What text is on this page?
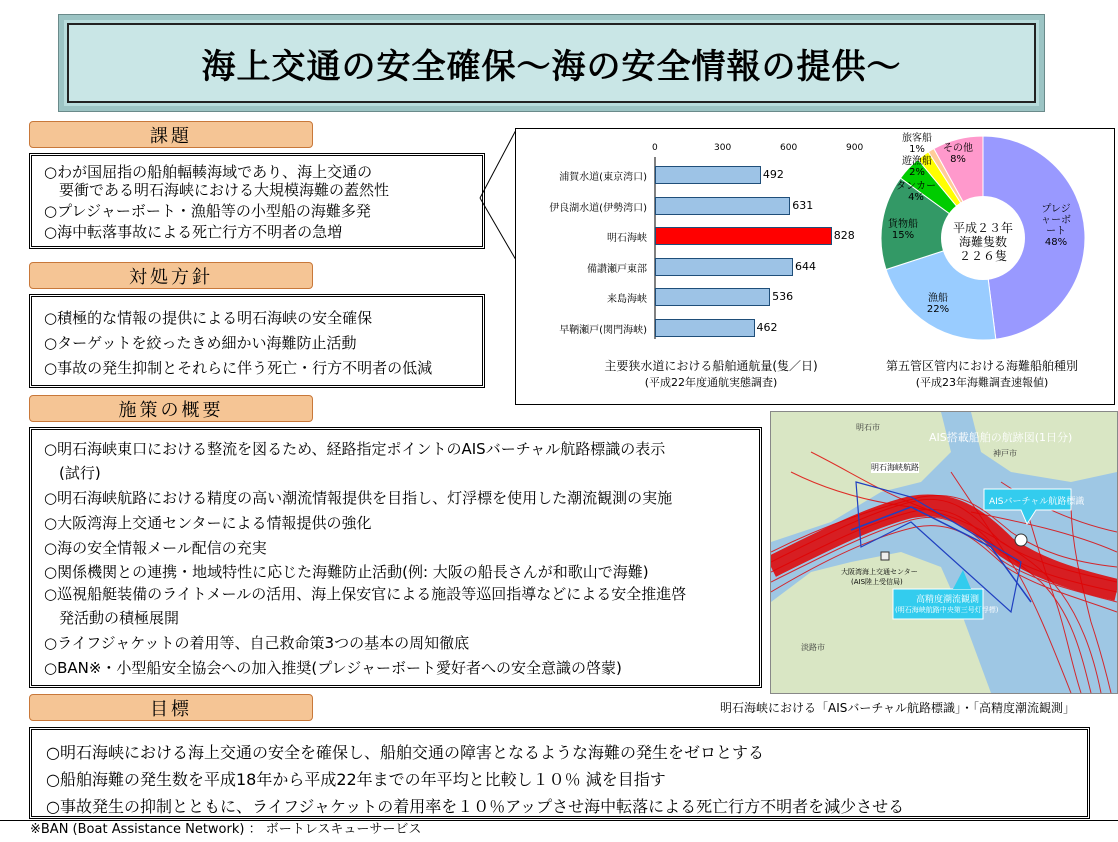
海上交通の安全確保～海の安全情報の提供～
課題
○わが国屈指の船舶輻輳海域であり、海上交通の
　要衝である明石海峡における大規模海難の蓋然性
○プレジャーボート・漁船等の小型船の海難多発
○海中転落事故による死亡行方不明者の急増
対処方針
○積極的な情報の提供による明石海峡の安全確保
○ターゲットを絞ったきめ細かい海難防止活動
○事故の発生抑制とそれらに伴う死亡・行方不明者の低減
0	300	600	900
浦賀水道(東京湾口)	492
伊良湖水道(伊勢湾口)	631
明石海峡	828
備讃瀬戸東部	644
来島海峡	536
早鞆瀬戸(関門海峡)	462
主要狭水道における船舶通航量(隻／日)
(平成22年度通航実態調査)
平成２３年
海難隻数
２２６隻
プレジャーボート
48%
漁船
22%
貨物船
15%
タンカー
4%
遊漁船
2%
旅客船
1%	その他
8%
第五管区管内における海難船舶種別
(平成23年海難調査速報値)
施策の概要
○明石海峡東口における整流を図るため、経路指定ポイントのAISバーチャル航路標識の表示
　(試行)
○明石海峡航路における精度の高い潮流情報提供を目指し、灯浮標を使用した潮流観測の実施
○大阪湾海上交通センターによる情報提供の強化
○海の安全情報メール配信の充実
○関係機関との連携・地域特性に応じた海難防止活動(例: 大阪の船長さんが和歌山で海難)
○巡視船艇装備のライトメールの活用、海上保安官による施設等巡回指導などによる安全推進啓
　発活動の積極展開
○ライフジャケットの着用等、自己救命策3つの基本の周知徹底
○BAN※・小型船安全協会への加入推奨(プレジャーボート愛好者への安全意識の啓蒙)
AIS搭載船舶の航跡図(1日分)
明石市
神戸市
明石海峡航路
AISバーチャル航路標識
高精度潮流観測
(明石海峡航路中央第三号灯浮標)
大阪湾海上交通センター
(AIS陸上受信局)
淡路市
明石海峡における「AISバーチャル航路標識」・「高精度潮流観測」
目標
○明石海峡における海上交通の安全を確保し、船舶交通の障害となるような海難の発生をゼロとする
○船舶海難の発生数を平成18年から平成22年までの年平均と比較し１０％ 減を目指す
○事故発生の抑制とともに、ライフジャケットの着用率を１０％アップさせ海中転落による死亡行方不明者を減少させる
※BAN (Boat Assistance Network) ： ボートレスキューサービス
